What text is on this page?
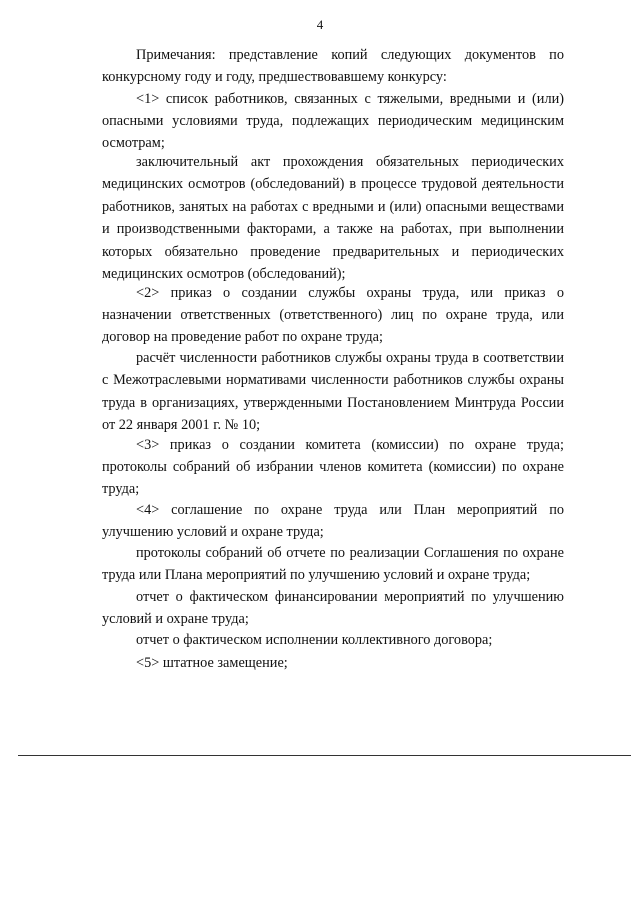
4

Примечания: представление копий следующих документов по конкурсному году и году, предшествовавшему конкурсу:

<1> список работников, связанных с тяжелыми, вредными и (или) опасными условиями труда, подлежащих периодическим медицинским осмотрам;

заключительный акт прохождения обязательных периодических медицинских осмотров (обследований) в процессе трудовой деятельности работников, занятых на работах с вредными и (или) опасными веществами и производственными факторами, а также на работах, при выполнении которых обязательно проведение предварительных и периодических медицинских осмотров (обследований);

<2> приказ о создании службы охраны труда, или приказ о назначении ответственных (ответственного) лиц по охране труда, или договор на проведение работ по охране труда;

расчёт численности работников службы охраны труда в соответствии с Межотраслевыми нормативами численности работников службы охраны труда в организациях, утвержденными Постановлением Минтруда России от 22 января 2001 г. № 10;

<3> приказ о создании комитета (комиссии) по охране труда; протоколы собраний об избрании членов комитета (комиссии) по охране труда;

<4> соглашение по охране труда или План мероприятий по улучшению условий и охране труда;

протоколы собраний об отчете по реализации Соглашения по охране труда или Плана мероприятий по улучшению условий и охране труда;

отчет о фактическом финансировании мероприятий по улучшению условий и охране труда;

отчет о фактическом исполнении коллективного договора;

<5> штатное замещение;
